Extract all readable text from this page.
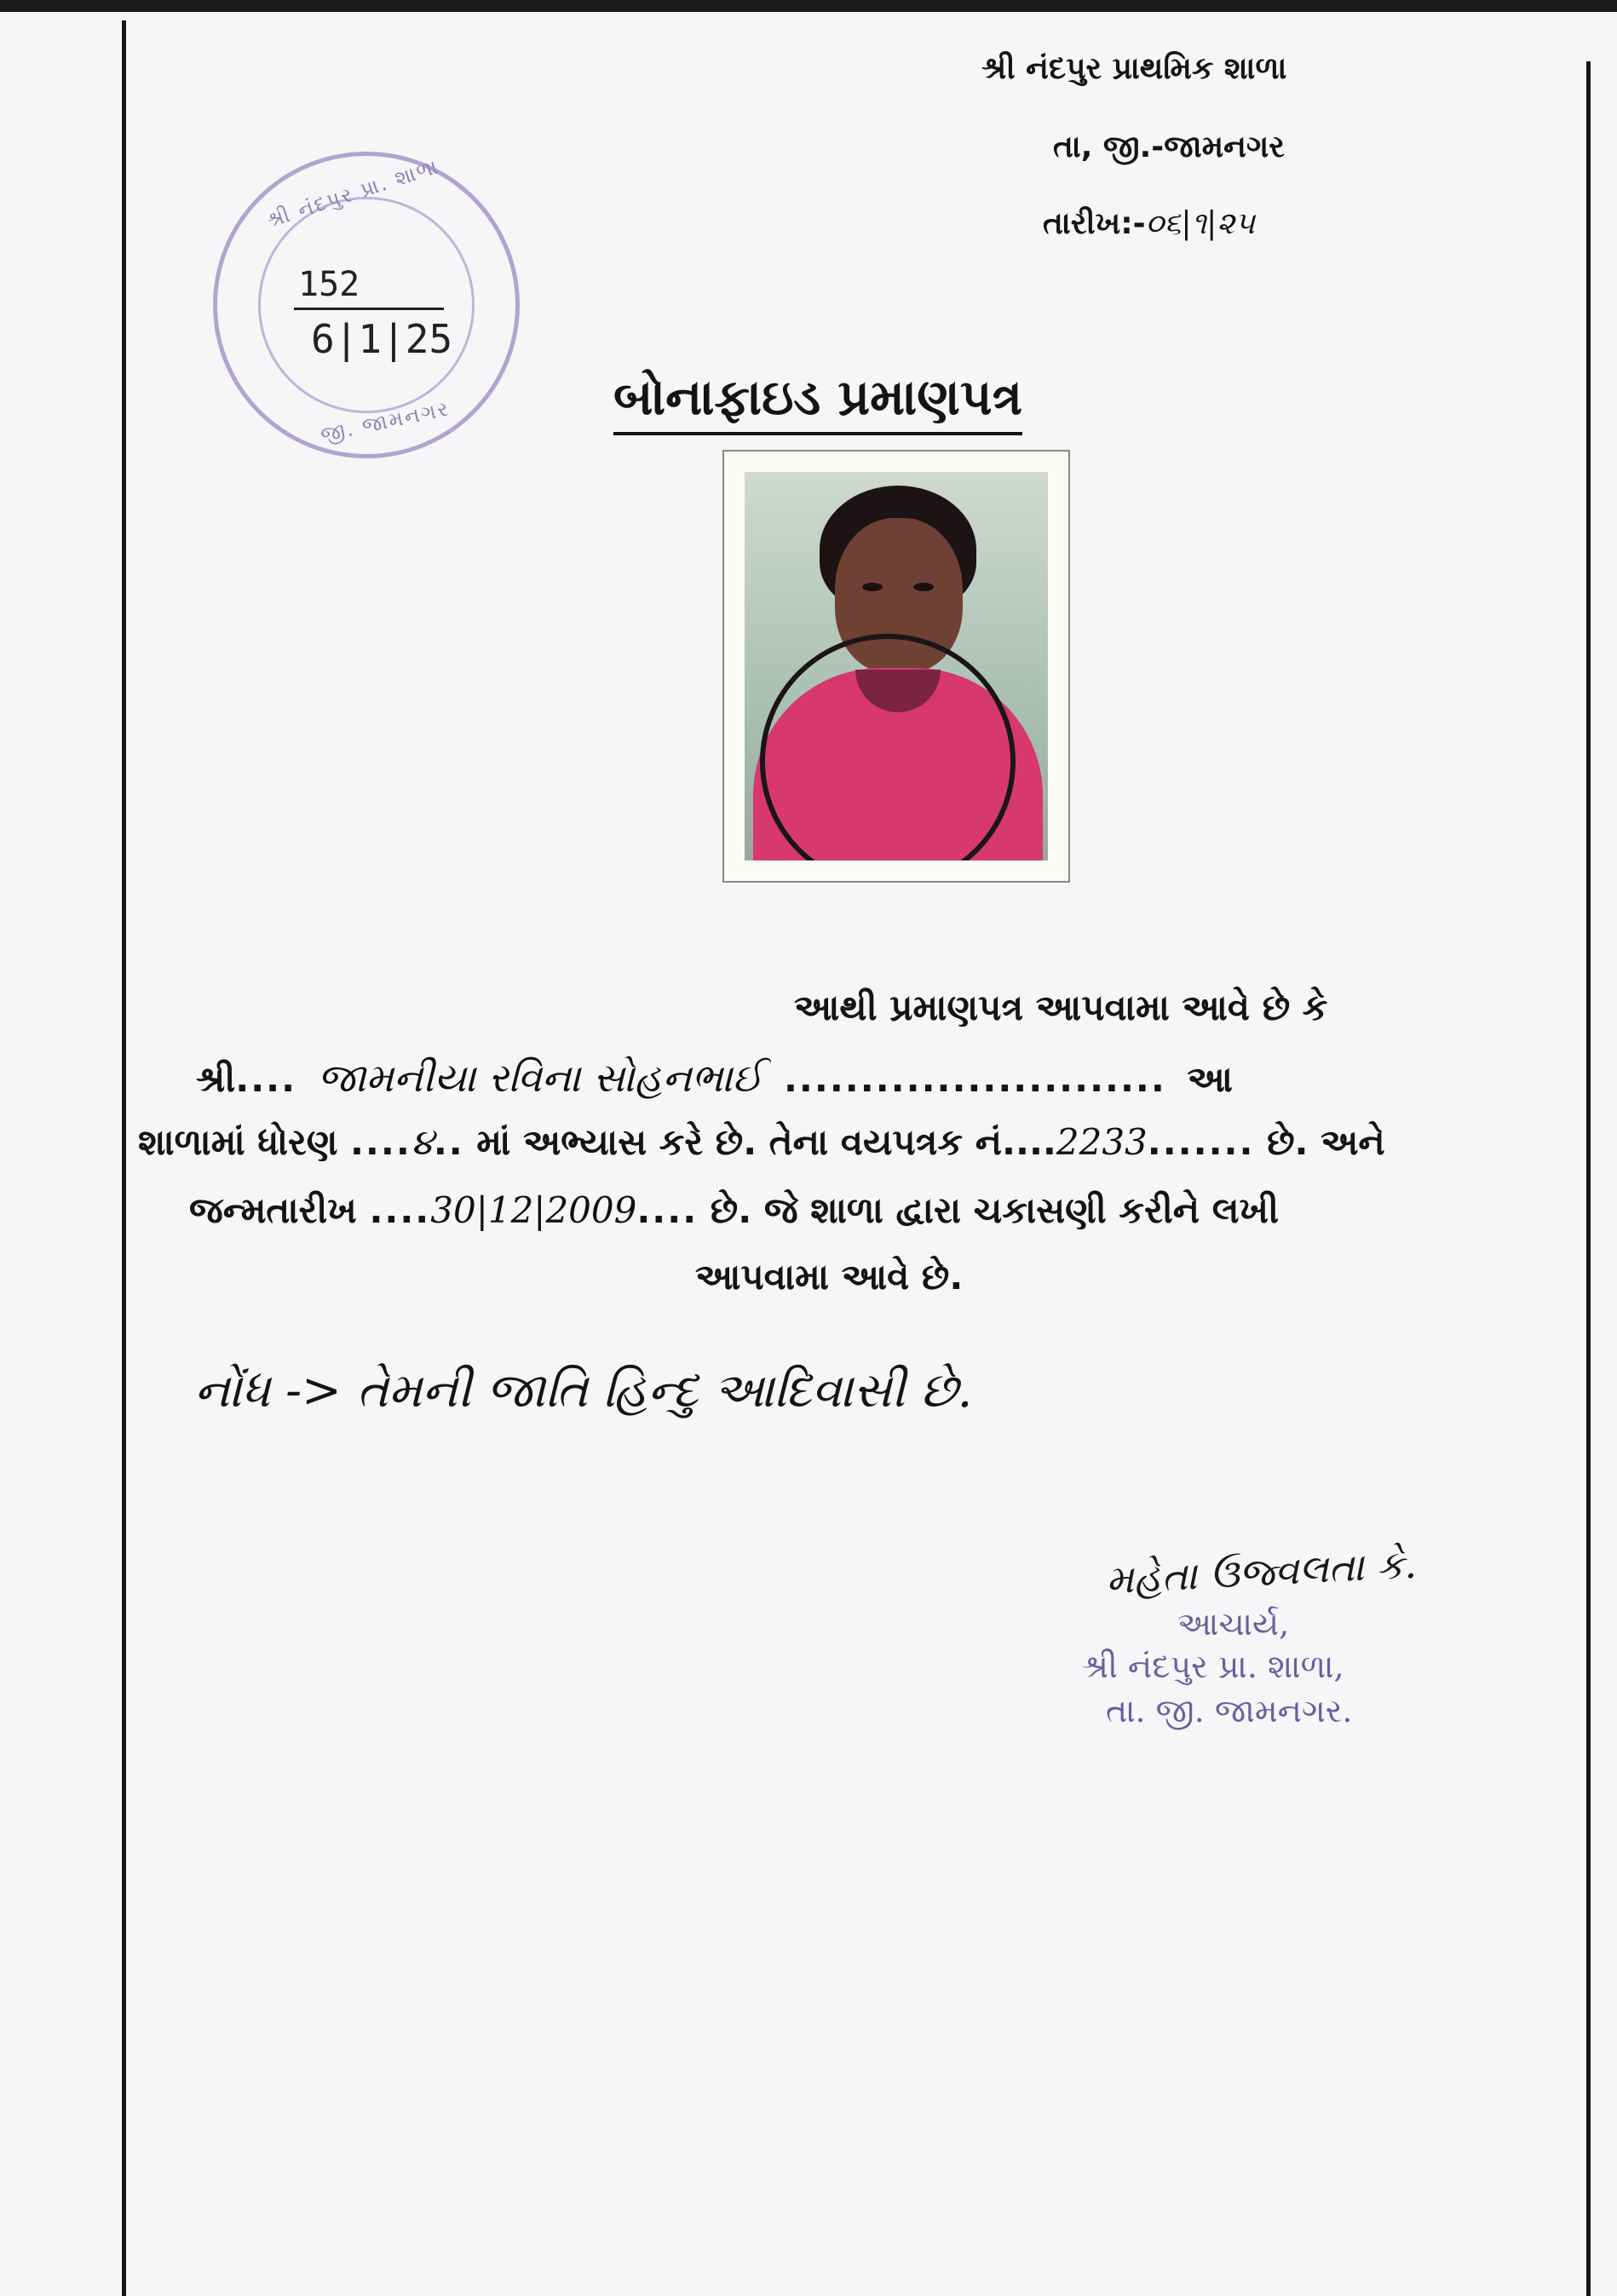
શ્રી નંદપુર પ્રાથમિક શાળા
તા, જી.-જામનગર
તારીખ:-૦૬|૧|૨૫
શ્રી નંદપુર પ્રા. શાળા
જી. જામનગર
152
6|1|25
બોનાફાઇડ પ્રમાણપત્ર
આથી પ્રમાણપત્ર આપવામા આવે છે કે
શ્રી.... જામનીયા રવિના સોહનભાઈ ......................... આ
શાળામાં ધોરણ ....૪.. માં અભ્યાસ કરે છે. તેના વયપત્રક નં....2233....... છે. અને
જન્મતારીખ ....30|12|2009.... છે. જે શાળા દ્વારા ચકાસણી કરીને લખી
આપવામા આવે છે.
નોંધ -> તેમની જાતિ હિન્દુ આદિવાસી છે.
મહેતા ઉજ્વલતા કે.
આચાર્ય,
શ્રી નંદપુર પ્રા. શાળા,
તા. જી. જામનગર.
